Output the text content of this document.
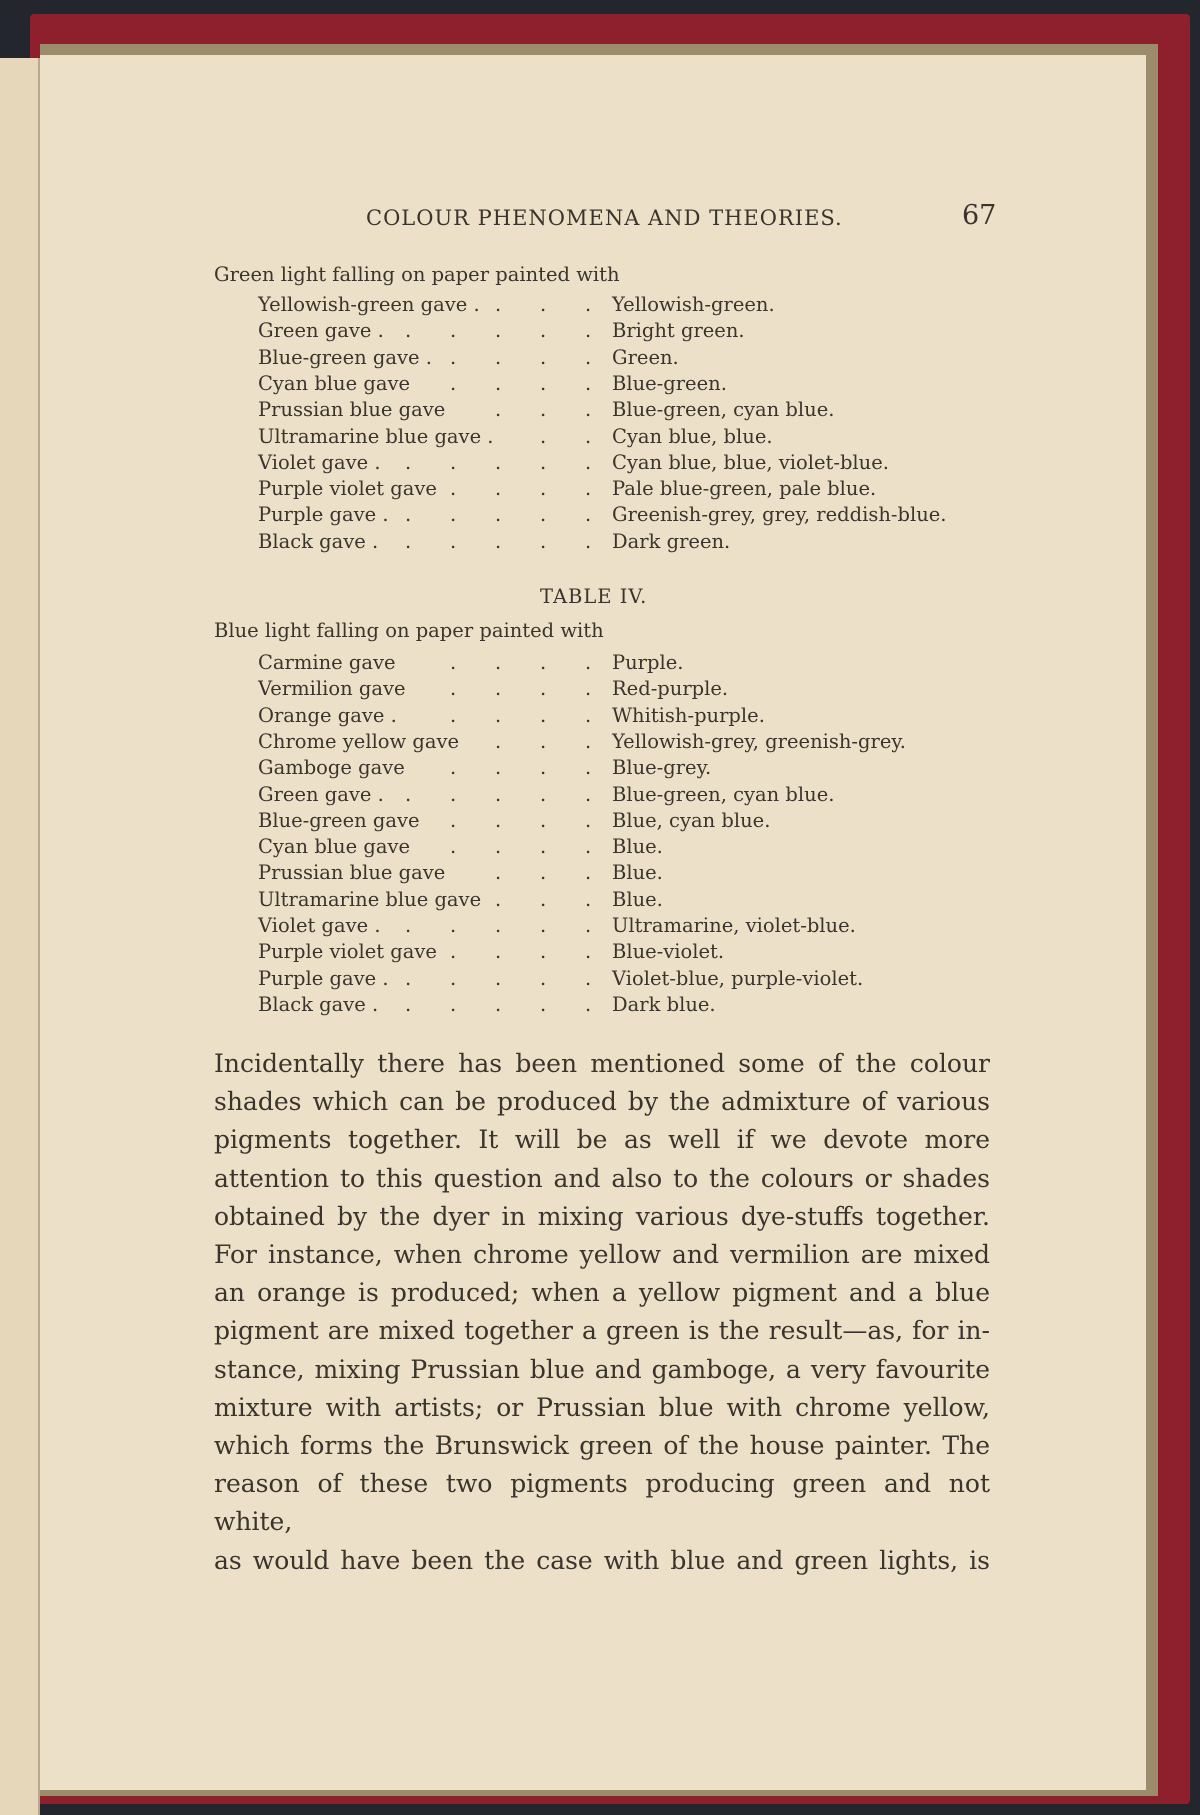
COLOUR PHENOMENA AND THEORIES.	67
Green light falling on paper painted with
Yellowish-green gave .	Yellowish-green.
.
.
.
Green gave .	Bright green.
.
.
.
.
.
Blue-green gave .	Green.
.
.
.
.
Cyan blue gave	Blue-green.
.
.
.
.
Prussian blue gave	Blue-green, cyan blue.
.
.
.
Ultramarine blue gave .	Cyan blue, blue.
.
.
Violet gave .	Cyan blue, blue, violet-blue.
.
.
.
.
.
Purple violet gave	Pale blue-green, pale blue.
.
.
.
.
Purple gave .	Greenish-grey, grey, reddish-blue.
.
.
.
.
.
Black gave .	Dark green.
.
.
.
.
.
TABLE IV.
Blue light falling on paper painted with
Carmine gave	Purple.
.
.
.
.
Vermilion gave	Red-purple.
.
.
.
.
Orange gave .	Whitish-purple.
.
.
.
.
Chrome yellow gave	Yellowish-grey, greenish-grey.
.
.
.
Gamboge gave	Blue-grey.
.
.
.
.
Green gave .	Blue-green, cyan blue.
.
.
.
.
.
Blue-green gave	Blue, cyan blue.
.
.
.
.
Cyan blue gave	Blue.
.
.
.
.
Prussian blue gave	Blue.
.
.
.
Ultramarine blue gave	Blue.
.
.
.
Violet gave .	Ultramarine, violet-blue.
.
.
.
.
.
Purple violet gave	Blue-violet.
.
.
.
.
Purple gave .	Violet-blue, purple-violet.
.
.
.
.
.
Black gave .	Dark blue.
.
.
.
.
.

Incidentally there has been mentioned some of the colour

shades which can be produced by the admixture of various

pigments together. It will be as well if we devote more

attention to this question and also to the colours or shades

obtained by the dyer in mixing various dye-stuffs together.

For instance, when chrome yellow and vermilion are mixed

an orange is produced; when a yellow pigment and a blue

pigment are mixed together a green is the result—as, for in-

stance, mixing Prussian blue and gamboge, a very favourite

mixture with artists; or Prussian blue with chrome yellow,

which forms the Brunswick green of the house painter. The

reason of these two pigments producing green and not white,

as would have been the case with blue and green lights, is
